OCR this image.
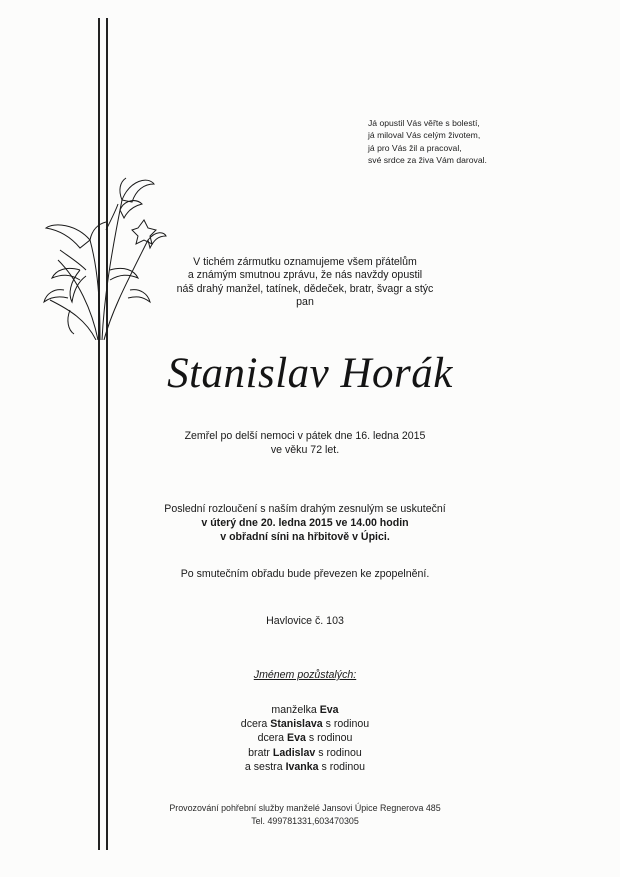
Já opustil Vás věřte s bolestí,
já miloval Vás celým životem,
já pro Vás žil a pracoval,
své srdce za živa Vám daroval.
V tichém zármutku oznamujeme všem přátelům
a známým smutnou zprávu, že nás navždy opustil
náš drahý manžel, tatínek, dědeček, bratr, švagr a stýc
pan
Stanislav Horák
Zemřel po delší nemoci v pátek dne 16. ledna 2015
ve věku 72 let.
Poslední rozloučení s naším drahým zesnulým se uskuteční
v úterý dne 20. ledna 2015 ve 14.00 hodin
v obřadní síni na hřbitově v Úpici.
Po smutečním obřadu bude převezen ke zpopelnění.
Havlovice č. 103
Jménem pozůstalých:
manželka Eva
dcera Stanislava s rodinou
dcera Eva s rodinou
bratr Ladislav s rodinou
a sestra Ivanka s rodinou
Provozování pohřební služby manželé Jansovi Úpice Regnerova 485
Tel. 499781331,603470305
